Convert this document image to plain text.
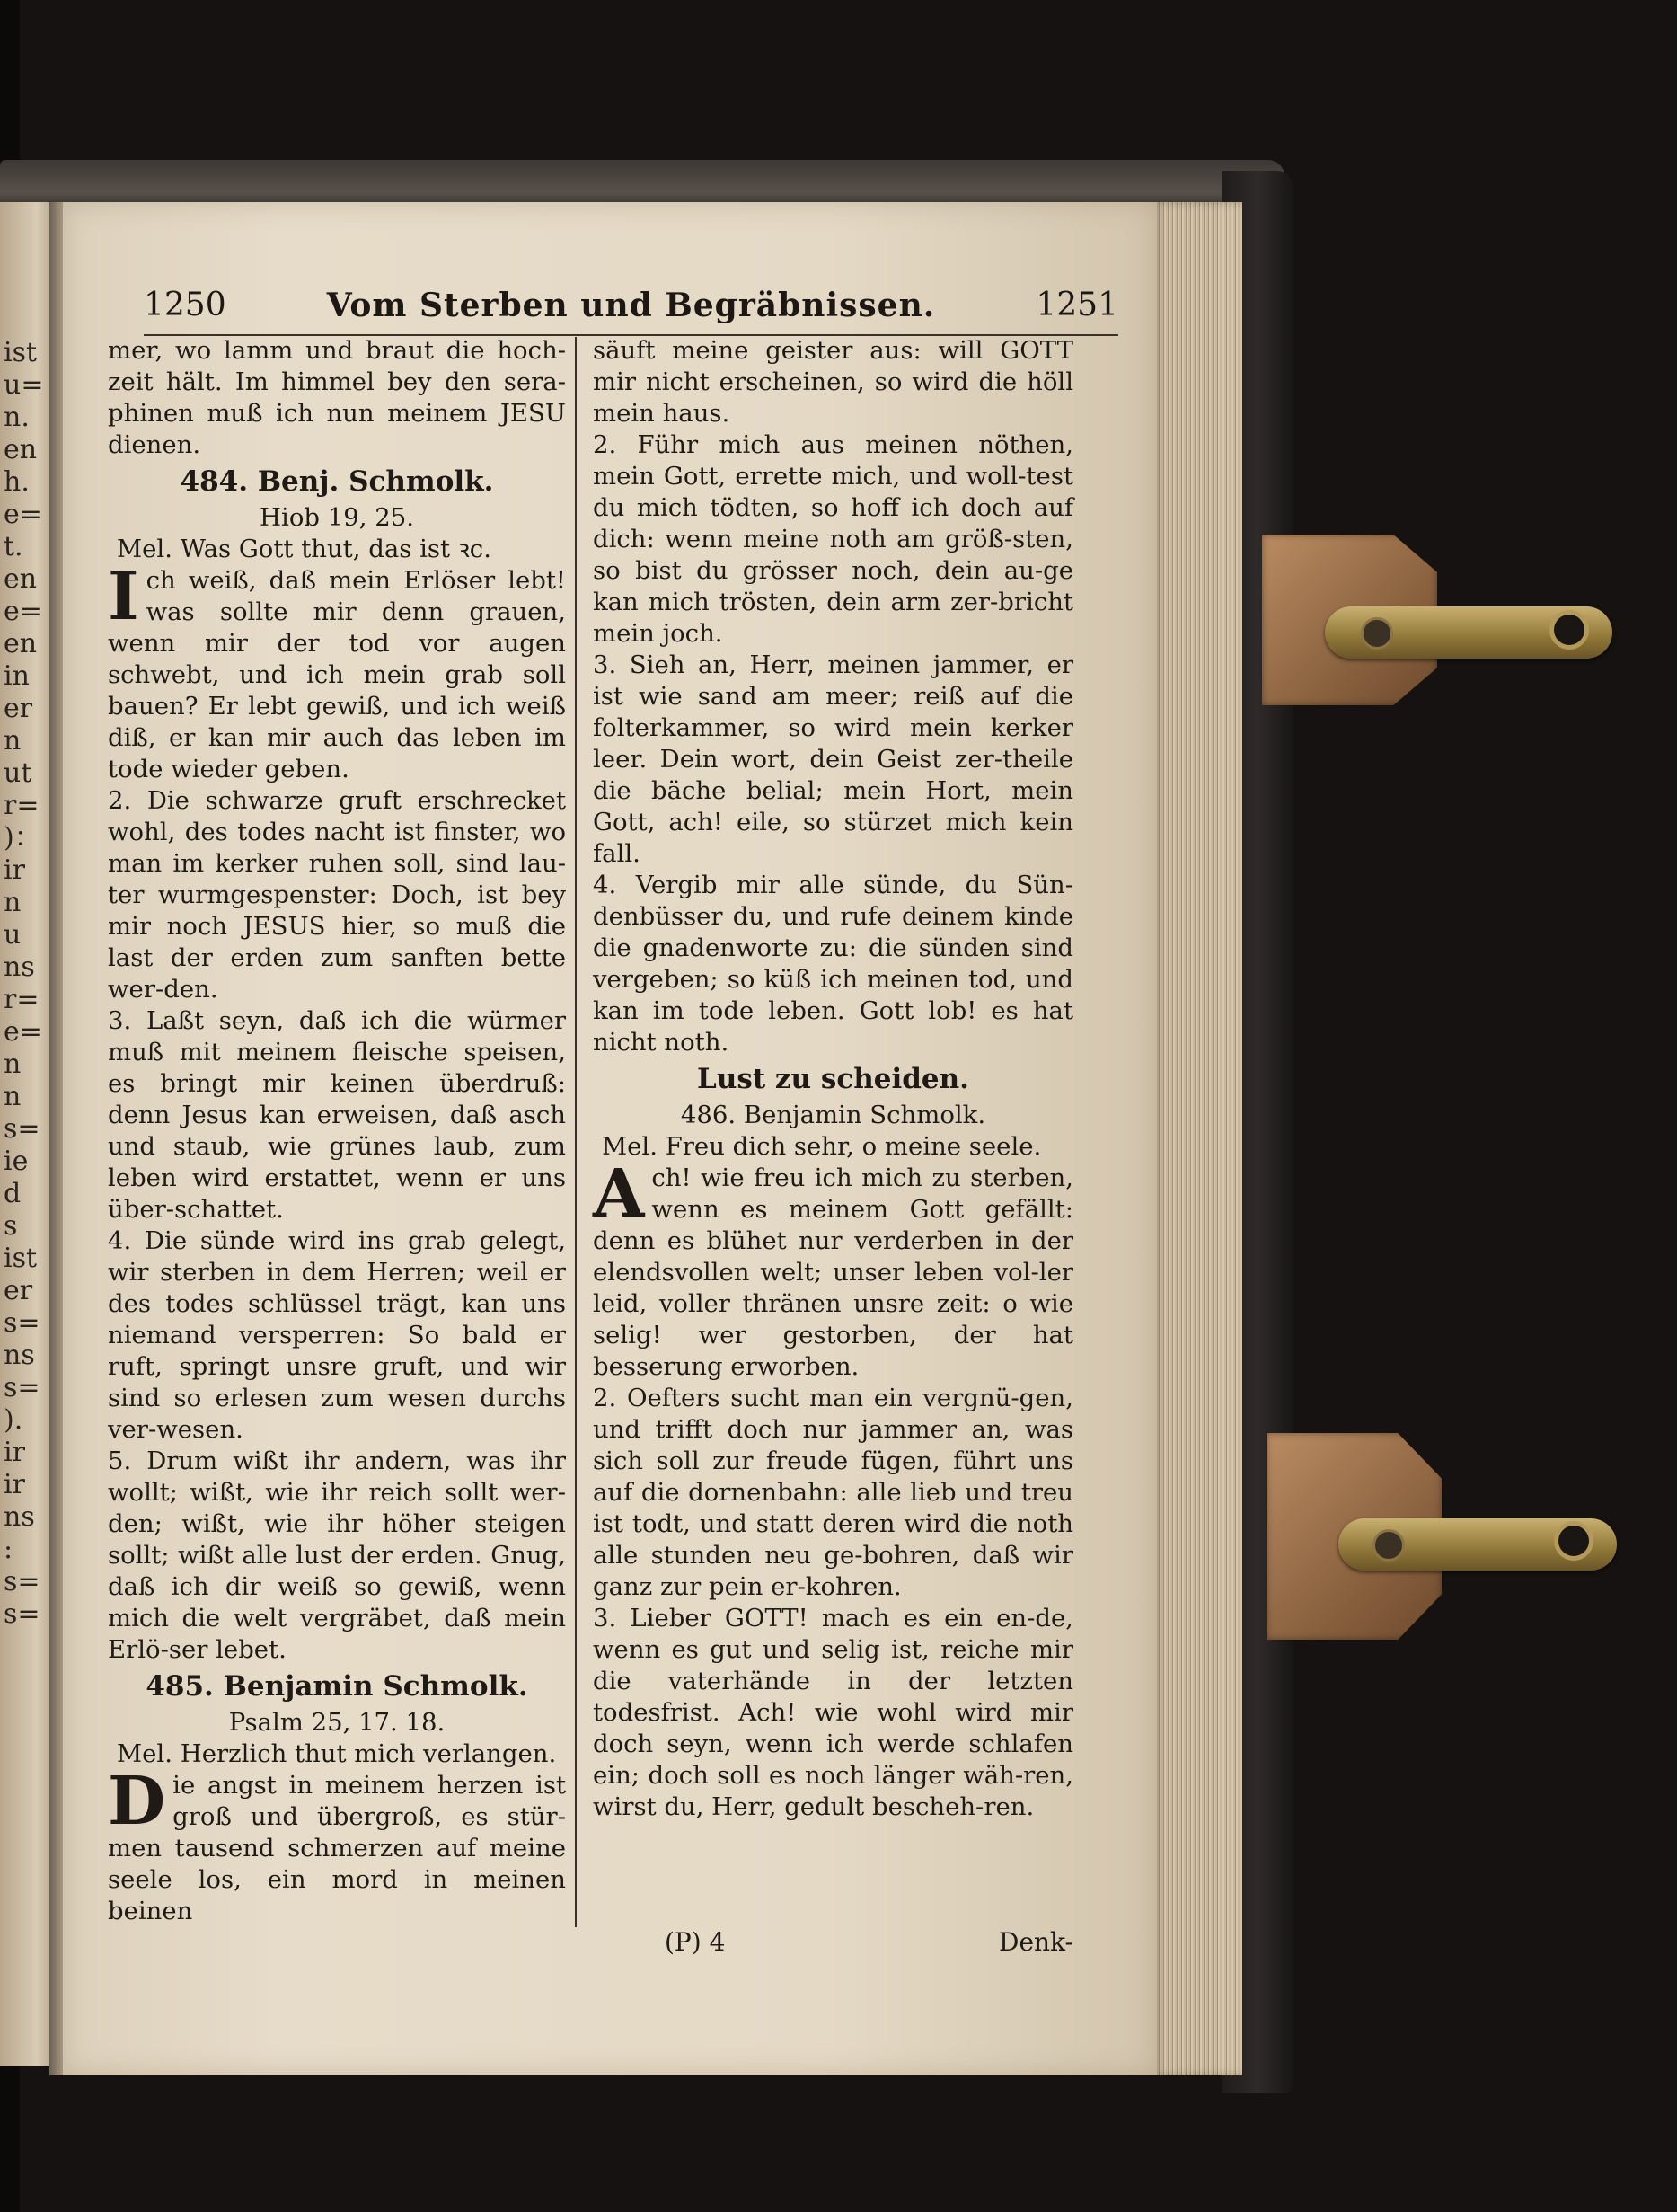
ist
u=
n.
en
h.
e=
t.
en
e=
en
in
er
n
ut
r=
)：
ir
n
u
ns
r=
e=
n
n
s=
ie
d
s
ist
er
s=
ns
s=
).
ir
ir
ns
:
s=
s=
1250	Vom Sterben und Begräbnissen.	1251

mer, wo lamm und braut die hoch-zeit hält. Im himmel bey den sera-phinen muß ich nun meinem JESU dienen.

484. Benj. Schmolk.

Hiob 19, 25.

Mel. Was Gott thut, das ist ꝛc.

Ich weiß, daß mein Erlöser lebt! was sollte mir denn grauen, wenn mir der tod vor augen schwebt, und ich mein grab soll bauen? Er lebt gewiß, und ich weiß diß, er kan mir auch das leben im tode wieder geben.

2. Die schwarze gruft erschrecket wohl, des todes nacht ist finster, wo man im kerker ruhen soll, sind lau-ter wurmgespenster: Doch, ist bey mir noch JESUS hier, so muß die last der erden zum sanften bette wer-den.

3. Laßt seyn, daß ich die würmer muß mit meinem fleische speisen, es bringt mir keinen überdruß: denn Jesus kan erweisen, daß asch und staub, wie grünes laub, zum leben wird erstattet, wenn er uns über-schattet.

4. Die sünde wird ins grab gelegt, wir sterben in dem Herren; weil er des todes schlüssel trägt, kan uns niemand versperren: So bald er ruft, springt unsre gruft, und wir sind so erlesen zum wesen durchs ver-wesen.

5. Drum wißt ihr andern, was ihr wollt; wißt, wie ihr reich sollt wer-den; wißt, wie ihr höher steigen sollt; wißt alle lust der erden. Gnug, daß ich dir weiß so gewiß, wenn mich die welt vergräbet, daß mein Erlö-ser lebet.

485. Benjamin Schmolk.

Psalm 25, 17. 18.

Mel. Herzlich thut mich verlangen.

Die angst in meinem herzen ist groß und übergroß, es stür-men tausend schmerzen auf meine seele los, ein mord in meinen beinen

säuft meine geister aus: will GOTT mir nicht erscheinen, so wird die höll mein haus.

2. Führ mich aus meinen nöthen, mein Gott, errette mich, und woll-test du mich tödten, so hoff ich doch auf dich: wenn meine noth am größ-sten, so bist du grösser noch, dein au-ge kan mich trösten, dein arm zer-bricht mein joch.

3. Sieh an, Herr, meinen jammer, er ist wie sand am meer; reiß auf die folterkammer, so wird mein kerker leer. Dein wort, dein Geist zer-theile die bäche belial; mein Hort, mein Gott, ach! eile, so stürzet mich kein fall.

4. Vergib mir alle sünde, du Sün-denbüsser du, und rufe deinem kinde die gnadenworte zu: die sünden sind vergeben; so küß ich meinen tod, und kan im tode leben. Gott lob! es hat nicht noth.

Lust zu scheiden.

486. Benjamin Schmolk.

Mel. Freu dich sehr, o meine seele.

Ach! wie freu ich mich zu sterben, wenn es meinem Gott gefällt: denn es blühet nur verderben in der elendsvollen welt; unser leben vol-ler leid, voller thränen unsre zeit: o wie selig! wer gestorben, der hat besserung erworben.

2. Oefters sucht man ein vergnü-gen, und trifft doch nur jammer an, was sich soll zur freude fügen, führt uns auf die dornenbahn: alle lieb und treu ist todt, und statt deren wird die noth alle stunden neu ge-bohren, daß wir ganz zur pein er-kohren.

3. Lieber GOTT! mach es ein en-de, wenn es gut und selig ist, reiche mir die vaterhände in der letzten todesfrist. Ach! wie wohl wird mir doch seyn, wenn ich werde schlafen ein; doch soll es noch länger wäh-ren, wirst du, Herr, gedult bescheh-ren.

(P) 4	Denk-
